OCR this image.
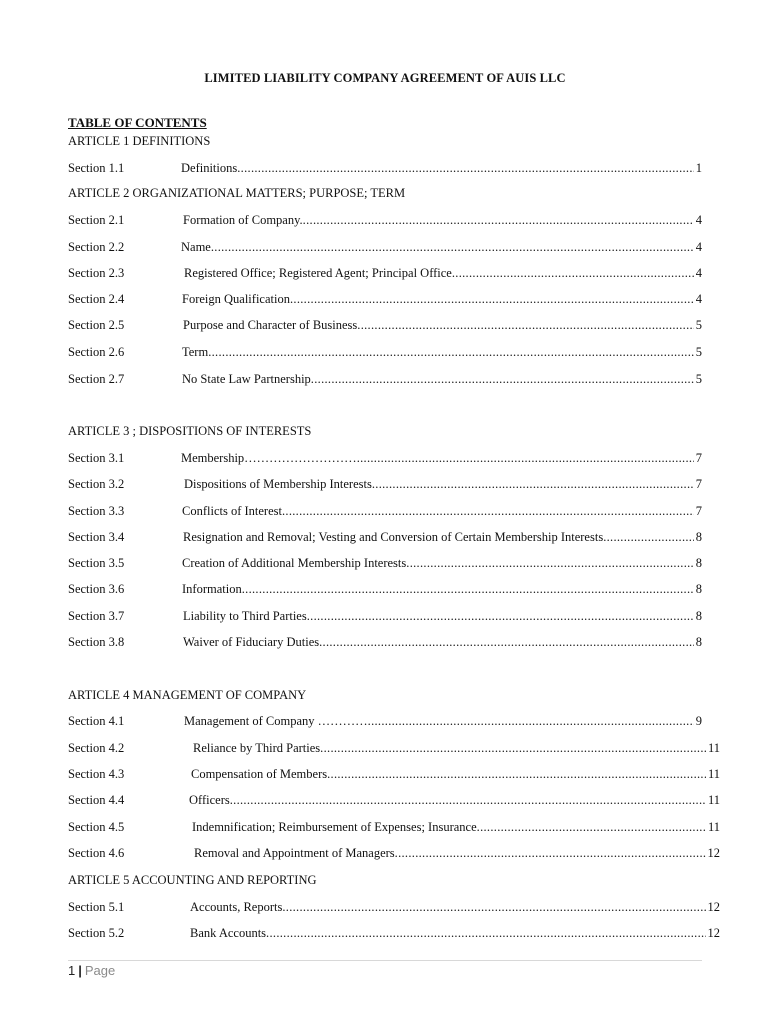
LIMITED LIABILITY COMPANY AGREEMENT OF AUIS LLC
TABLE OF CONTENTS
ARTICLE 1 DEFINITIONS
Section 1.1	Definitions .....	1
ARTICLE 2 ORGANIZATIONAL MATTERS; PURPOSE; TERM
Section 2.1	Formation of Company. .....	4
Section 2.2	Name .....	4
Section 2.3	Registered Office; Registered Agent; Principal Office .....	4
Section 2.4	Foreign Qualification .....	4
Section 2.5	Purpose and Character of Business .....	5
Section 2.6	Term .....	5
Section 2.7	No State Law Partnership .....	5
ARTICLE 3 ; DISPOSITIONS OF INTERESTS
Section 3.1	Membership……………………… .....	7
Section 3.2	Dispositions of Membership Interests .....	7
Section 3.3	Conflicts of Interest .....	7
Section 3.4	Resignation and Removal; Vesting and Conversion of Certain Membership Interests .....	8
Section 3.5	Creation of Additional Membership Interests .....	8
Section 3.6	Information .....	8
Section 3.7	Liability to Third Parties .....	8
Section 3.8	Waiver of Fiduciary Duties .....	8
ARTICLE 4 MANAGEMENT OF COMPANY
Section 4.1	Management of Company ………… .....	9
Section 4.2	Reliance by Third Parties .....	11
Section 4.3	Compensation of Members .....	11
Section 4.4	Officers .....	11
Section 4.5	Indemnification; Reimbursement of Expenses; Insurance .....	11
Section 4.6	Removal and Appointment of Managers .....	12
ARTICLE 5 ACCOUNTING AND REPORTING
Section 5.1	Accounts, Reports .....	12
Section 5.2	Bank Accounts .....	12
1 | Page
